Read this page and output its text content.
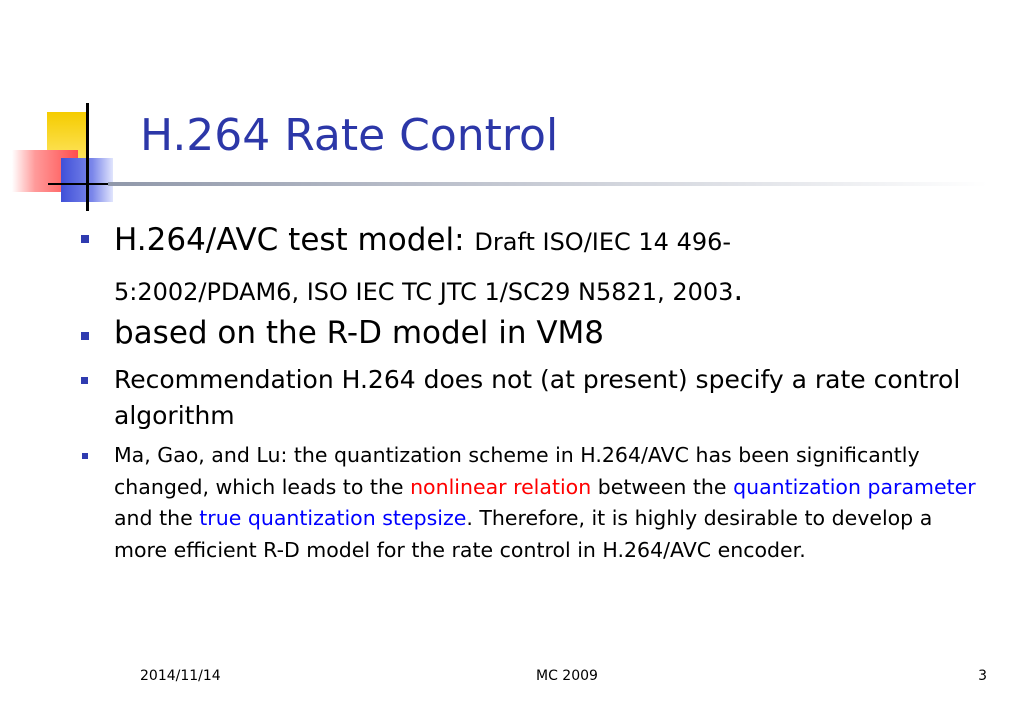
H.264 Rate Control
H.264/AVC test model: Draft ISO/IEC 14 496-5:2002/PDAM6, ISO IEC TC JTC 1/SC29 N5821, 2003.
based on the R-D model in VM8
Recommendation H.264 does not (at present) specify a rate control algorithm
Ma, Gao, and Lu: the quantization scheme in H.264/AVC has been significantly changed, which leads to the nonlinear relation between the quantization parameter and the true quantization stepsize. Therefore, it is highly desirable to develop a more efficient R-D model for the rate control in H.264/AVC encoder.
2014/11/14	MC 2009	3
